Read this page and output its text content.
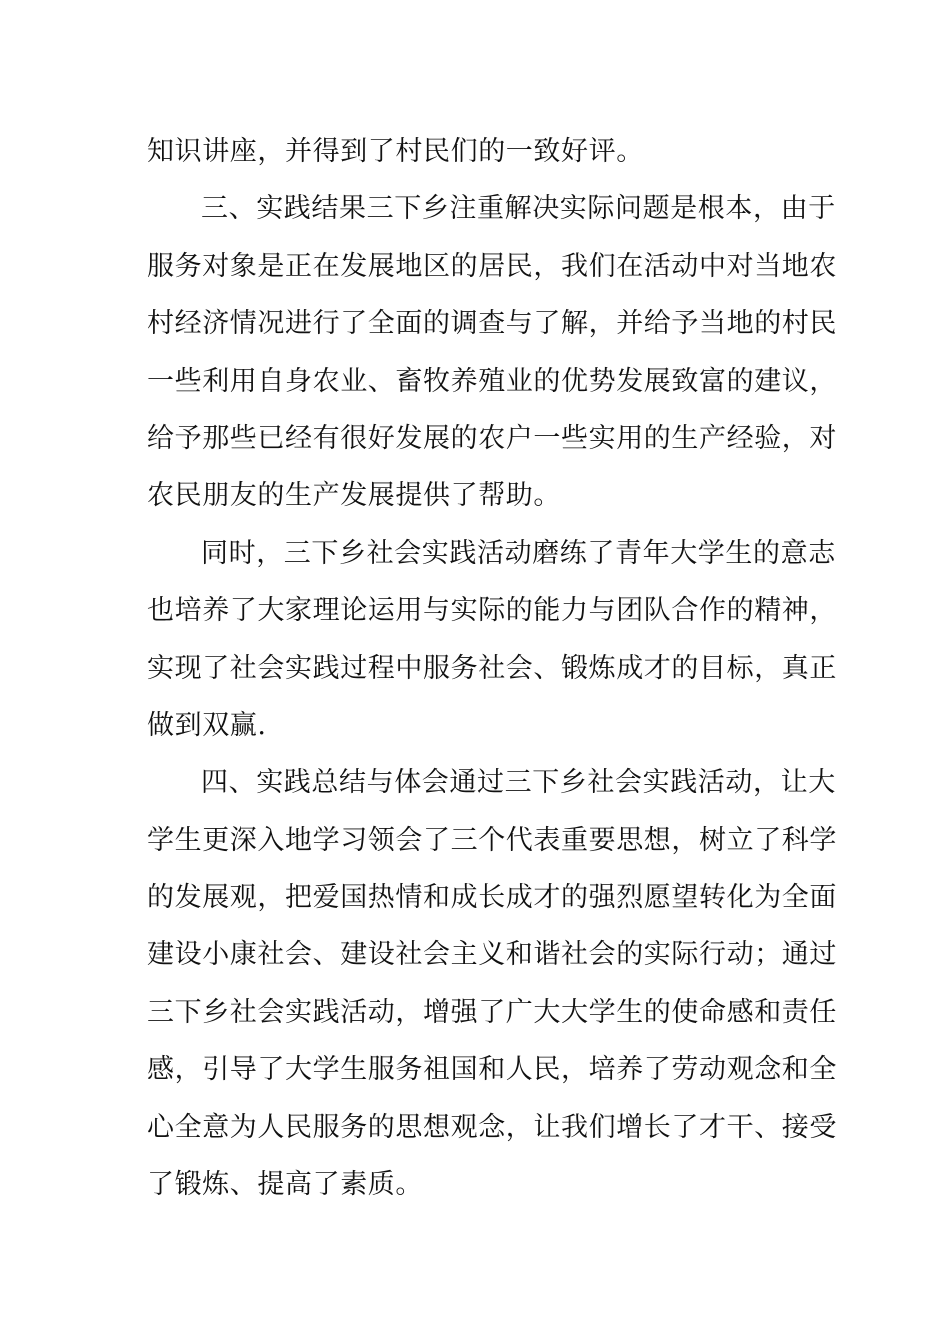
知识讲座，并得到了村民们的一致好评。
三、实践结果三下乡注重解决实际问题是根本，由于
服务对象是正在发展地区的居民，我们在活动中对当地农
村经济情况进行了全面的调查与了解，并给予当地的村民
一些利用自身农业、畜牧养殖业的优势发展致富的建议，
给予那些已经有很好发展的农户一些实用的生产经验，对
农民朋友的生产发展提供了帮助。
同时，三下乡社会实践活动磨练了青年大学生的意志
也培养了大家理论运用与实际的能力与团队合作的精神，
实现了社会实践过程中服务社会、锻炼成才的目标，真正
做到双赢.
四、实践总结与体会通过三下乡社会实践活动，让大
学生更深入地学习领会了三个代表重要思想，树立了科学
的发展观，把爱国热情和成长成才的强烈愿望转化为全面
建设小康社会、建设社会主义和谐社会的实际行动；通过
三下乡社会实践活动，增强了广大大学生的使命感和责任
感，引导了大学生服务祖国和人民，培养了劳动观念和全
心全意为人民服务的思想观念，让我们增长了才干、接受
了锻炼、提高了素质。
